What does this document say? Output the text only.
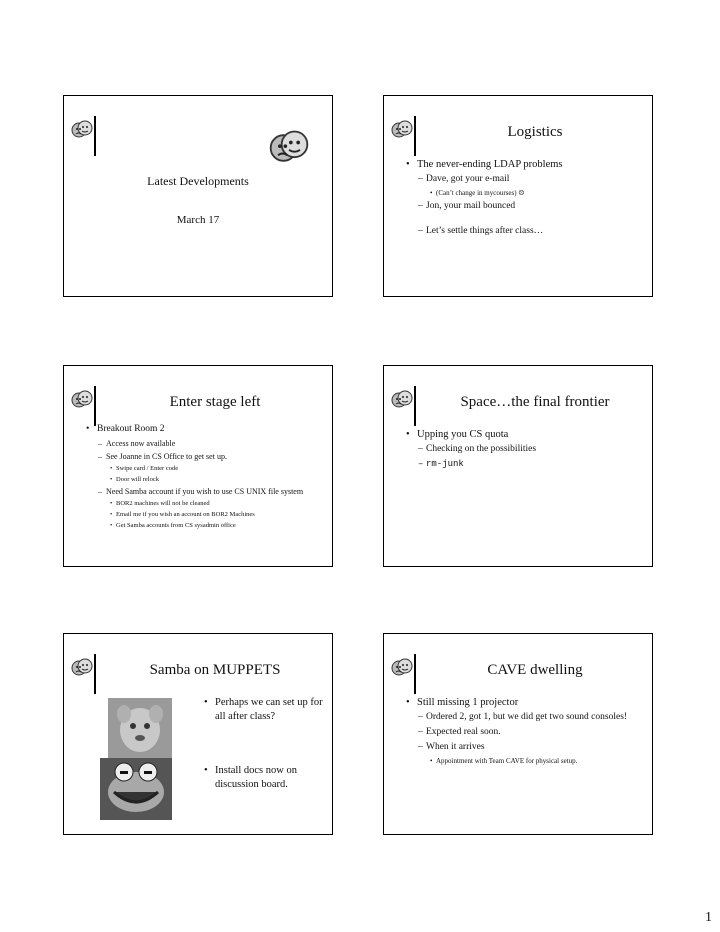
Latest Developments
March 17
Logistics
• The never-ending LDAP problems
– Dave, got your e-mail
• (Can’t change in mycourses) ☹
– Jon, your mail bounced
– Let’s settle things after class…
Enter stage left
• Breakout Room 2
– Access now available
– See Joanne in CS Office to get set up.
• Swipe card / Enter code
• Door will relock
– Need Samba account if you wish to use CS UNIX file system
• BOR2 machines will not be cleaned
• Email me if you wish an account on BOR2 Machines
• Get Samba accounts from CS sysadmin office
Space…the final frontier
• Upping you CS quota
– Checking on the possibilities
– rm-junk
Samba on MUPPETS
• Perhaps we can set up for all after class?
• Install docs now on discussion board.
CAVE dwelling
• Still missing 1 projector
– Ordered 2, got 1, but we did get two sound consoles!
– Expected real soon.
– When it arrives
• Appointment with Team CAVE for physical setup.
1
